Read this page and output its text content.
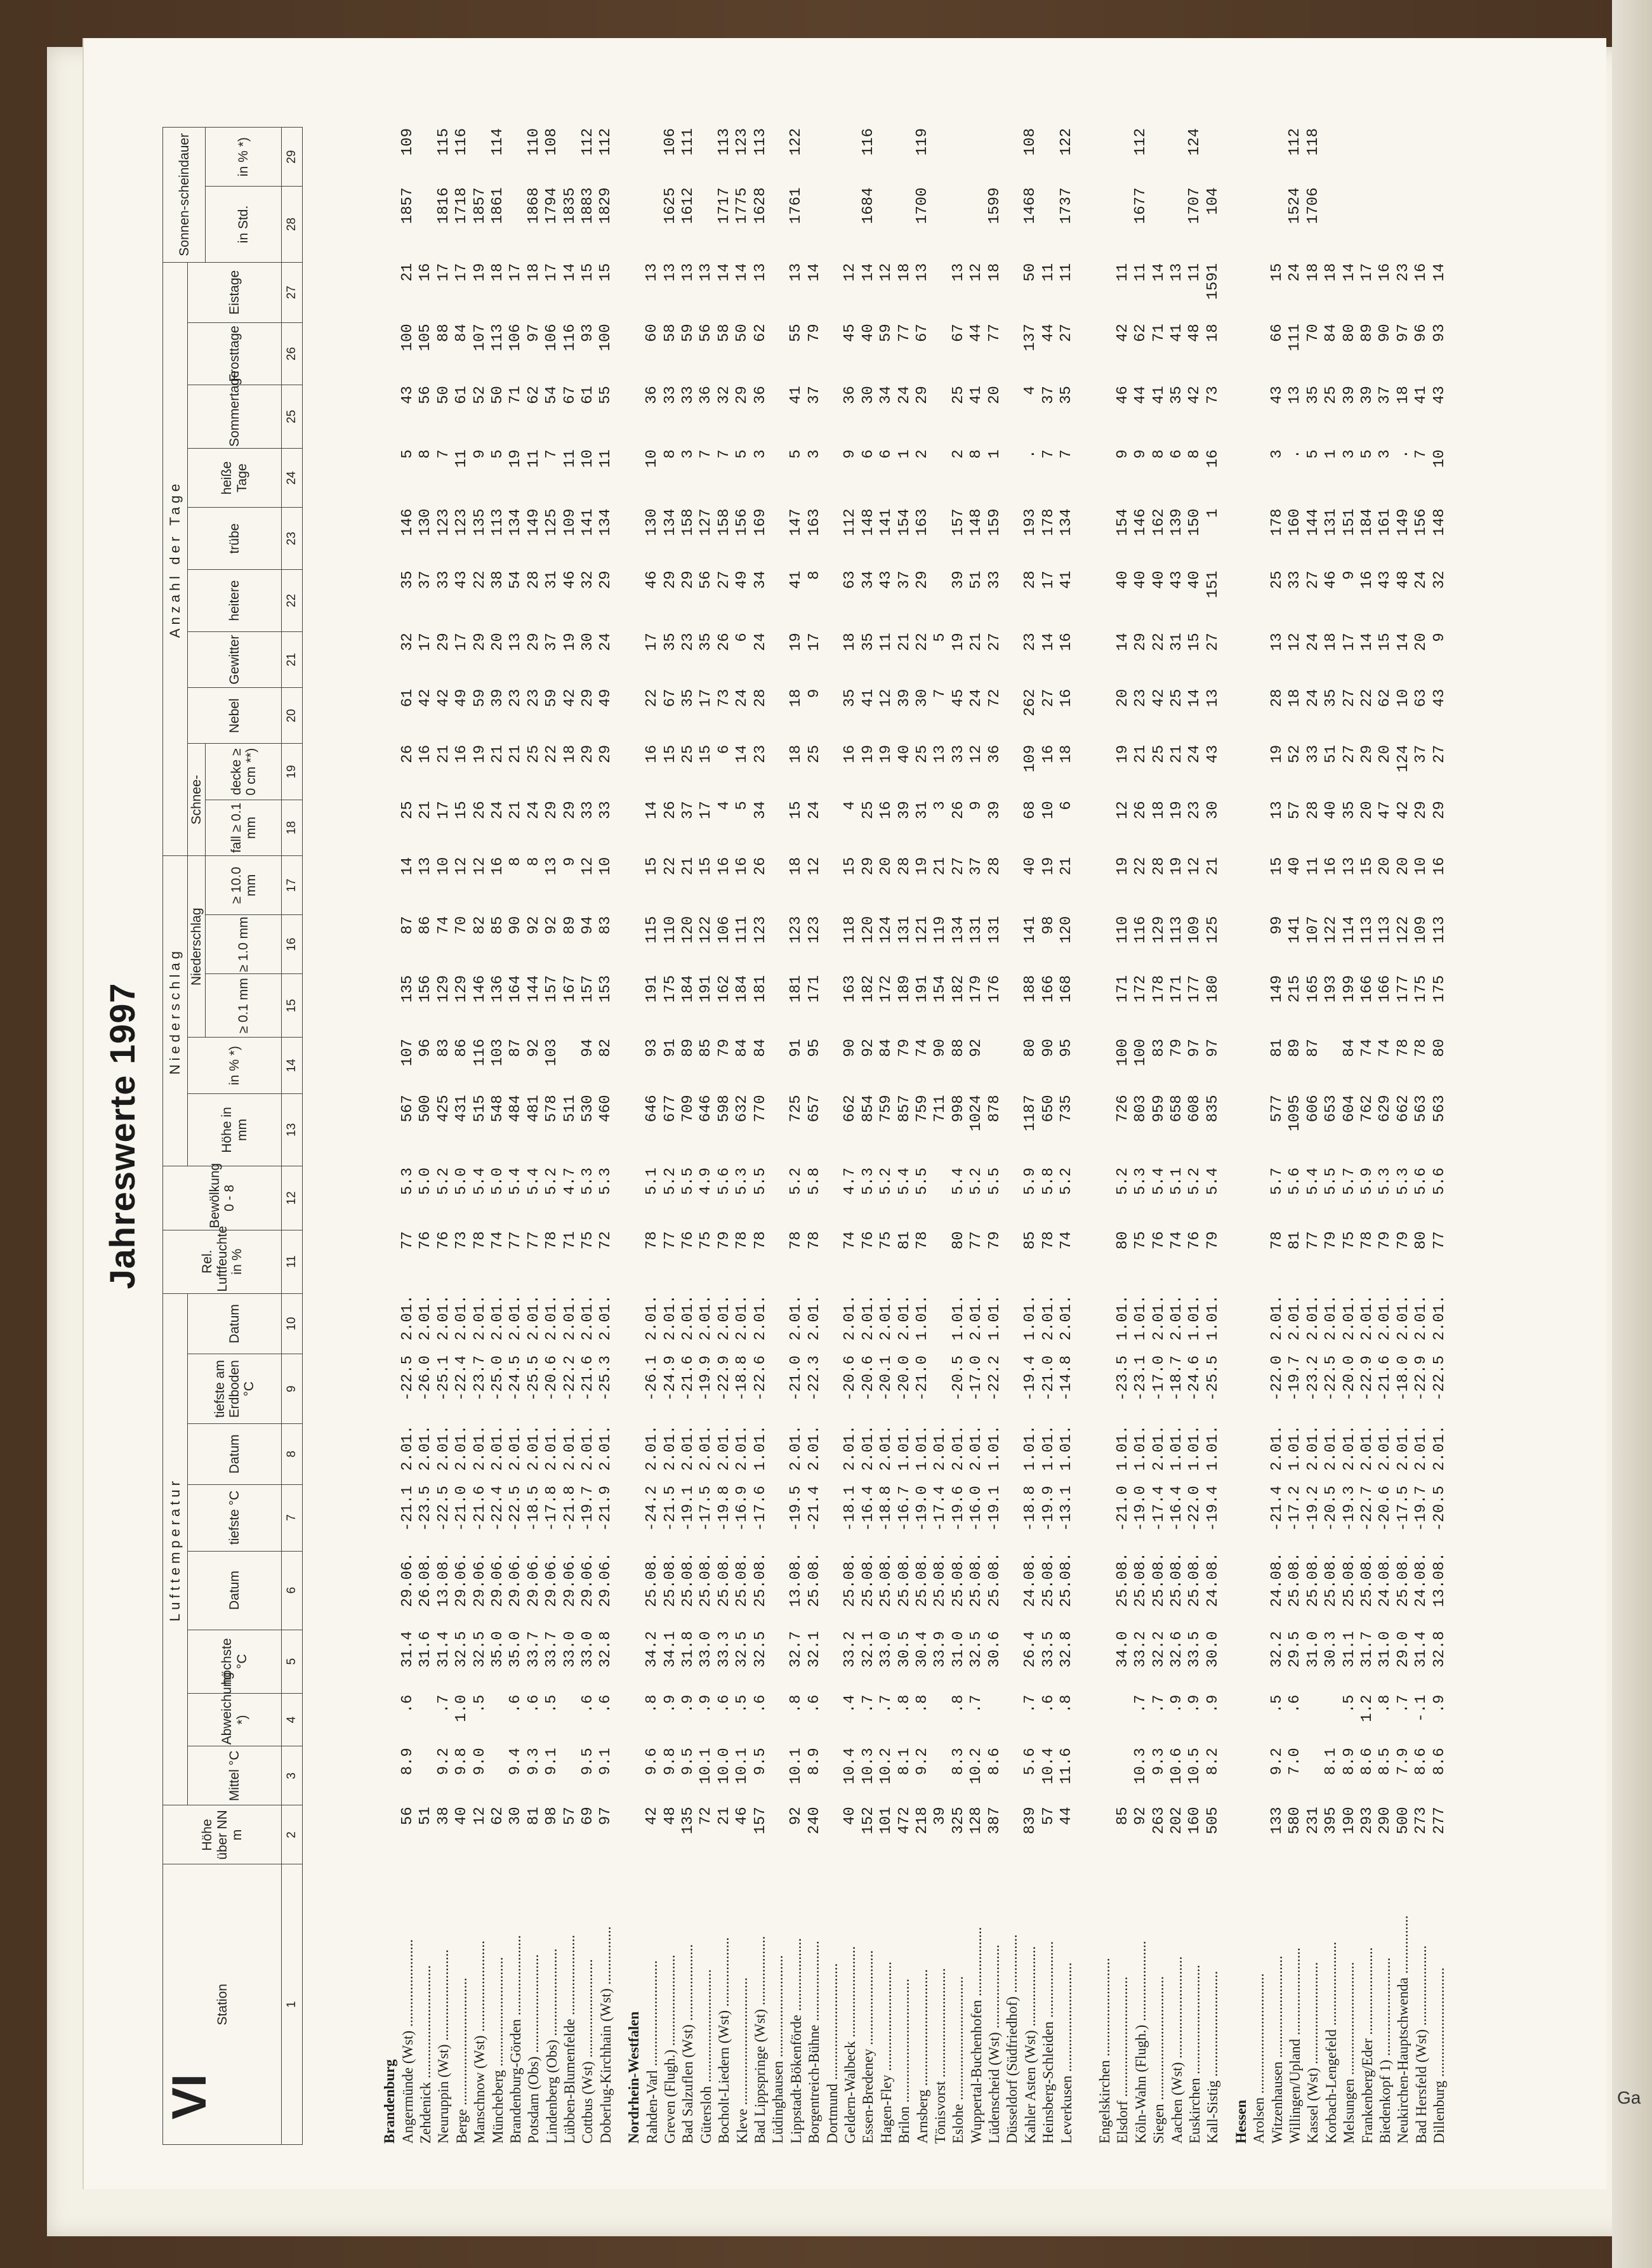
Ga
VI
Jahreswerte 1997
Station	Höhe über NN m	Lufttemperatur								Rel. Luftfeuchte in %	Bewölkung 0 - 8	Niederschlag					Anzahl der Tage										Sonnen-scheindauer	
		Mittel °C	Abweichung *)	höchste °C	Datum	tiefste °C	Datum	tiefste am Erdboden °C	Datum			Höhe in mm	in % *)	Niederschlag			Schnee-		Nebel	Gewitter	heitere	trübe	heiße Tage	Sommertage	Frosttage	Eistage		
														≥ 0.1 mm	≥ 1.0 mm	≥ 10.0 mm	fall ≥ 0.1 mm	decke ≥ 0 cm **)									in Std.	in % *)
1	2	3	4	5	6	7	8	9	10	11	12	13	14	15	16	17	18	19	20	21	22	23	24	25	26	27	28	29
Brandenburg																												
Angermünde (Wst) ........................	56	8.9	.6	31.4	29.06.	-21.1	2.01.	-22.5	2.01.	77	5.3	567	107	135	87	14	25	26	61	32	35	146	5	43	100	21	1857	109
Zehdenick ...............................	51			31.6	26.08.	-23.5	2.01.	-26.0	2.01.	76	5.0	500	96	156	86	13	21	16	42	17	37	130	8	56	105	16		
Neuruppin (Wst) .........................	38	9.2	.7	31.4	13.08.	-22.5	2.01.	-25.1	2.01.	76	5.2	425	83	129	74	10	17	21	42	29	33	123	7	50	88	17	1816	115
Berge ...................................	40	9.8	1.0	32.5	29.06.	-21.0	2.01.	-22.4	2.01.	73	5.0	431	86	129	70	12	15	16	49	17	43	123	11	61	84	17	1718	116
Manschnow (Wst) .........................	12	9.0	.5	32.5	29.06.	-21.6	2.01.	-23.7	2.01.	78	5.4	515	116	146	82	12	26	19	59	29	22	135	9	52	107	19	1857	
Müncheberg ..............................	62			35.0	29.06.	-22.4	2.01.	-25.0	2.01.	74	5.0	548	103	136	85	16	24	21	39	20	38	113	5	50	113	18	1861	114
Brandenburg-Görden ......................	30	9.4	.6	35.0	29.06.	-22.5	2.01.	-24.5	2.01.	77	5.4	484	87	164	90	8	21	21	23	13	54	134	19	71	106	17		
Potsdam (Obs) ...........................	81	9.3	.6	33.7	29.06.	-18.5	2.01.	-25.5	2.01.	77	5.4	481	92	144	92	8	24	25	23	29	28	149	11	62	97	18	1868	110
Lindenberg (Obs) ........................	98	9.1	.5	33.7	29.06.	-17.8	2.01.	-20.6	2.01.	78	5.2	578	103	157	92	13	29	22	59	37	31	125	7	54	106	17	1794	108
Lübben-Blumenfelde ......................	57			33.0	29.06.	-21.8	2.01.	-22.2	2.01.	71	4.7	511		167	89	9	29	18	42	19	46	109	11	67	116	14	1835	
Cottbus (Wst) ...........................	69	9.5	.6	33.0	29.06.	-19.7	2.01.	-21.6	2.01.	75	5.3	530	94	157	94	12	33	29	29	30	32	141	10	61	93	15	1883	112
Doberlug-Kirchhain (Wst) ................	97	9.1	.6	32.8	29.06.	-21.9	2.01.	-25.3	2.01.	72	5.3	460	82	153	83	10	33	29	49	24	29	134	11	55	100	15	1829	112

Nordrhein-Westfalen																												
Rahden-Varl .............................	42	9.6	.8	34.2	25.08.	-24.2	2.01.	-26.1	2.01.	78	5.1	646	93	191	115	15	14	16	22	17	46	130	10	36	60	13		
Greven (Flugh.) .........................	48	9.8	.9	34.1	25.08.	-21.5	2.01.	-24.9	2.01.	77	5.2	677	91	175	110	22	26	15	67	35	29	134	8	33	58	13	1625	106
Bad Salzuflen (Wst) .....................	135	9.5	.9	31.8	25.08.	-19.1	2.01.	-21.6	2.01.	76	5.5	709	89	184	120	21	37	25	35	23	29	158	3	33	59	13	1612	111
Gütersloh ...............................	72	10.1	.9	33.0	25.08.	-17.5	2.01.	-19.9	2.01.	75	4.9	646	85	191	122	15	17	15	17	35	56	127	7	36	56	13		
Bocholt-Liedern (Wst) ...................	21	10.0	.6	33.3	25.08.	-19.8	2.01.	-22.9	2.01.	79	5.6	598	79	162	106	16	4	6	73	26	27	158	7	32	58	14	1717	113
Kleve ...................................	46	10.1	.5	32.5	25.08.	-16.9	2.01.	-18.8	2.01.	78	5.3	632	84	184	111	16	5	14	24	6	49	156	5	29	50	14	1775	123
Bad Lippspringe (Wst) ...................	157	9.5	.6	32.5	25.08.	-17.6	1.01.	-22.6	2.01.	78	5.5	770	84	181	123	26	34	23	28	24	34	169	3	36	62	13	1628	113
Lüdinghausen ............................																												
Lippstadt-Bökenförde ....................	92	10.1	.8	32.7	13.08.	-19.5	2.01.	-21.0	2.01.	78	5.2	725	91	181	123	18	15	18	18	19	41	147	5	41	55	13	1761	122
Borgentreich-Bühne ......................	240	8.9	.6	32.1	25.08.	-21.4	2.01.	-22.3	2.01.	78	5.8	657	95	171	123	12	24	25	9	17	8	163	3	37	79	14		
Dortmund ................................																												
Geldern-Walbeck .........................	40	10.4	.4	33.2	25.08.	-18.1	2.01.	-20.6	2.01.	74	4.7	662	90	163	118	15	4	16	35	18	63	112	9	36	45	12		
Essen-Bredeney ..........................	152	10.3	.7	32.1	25.08.	-16.4	2.01.	-20.6	2.01.	76	5.3	854	92	182	120	29	25	19	41	35	34	148	6	30	40	14	1684	116
Hagen-Fley ..............................	101	10.2	.7	33.0	25.08.	-18.8	2.01.	-20.1	2.01.	75	5.2	759	84	172	124	20	16	19	12	11	43	141	6	34	59	12		
Brilon ..................................	472	8.1	.8	30.5	25.08.	-16.7	1.01.	-20.0	2.01.	81	5.4	857	79	189	131	28	39	40	39	21	37	154	1	24	77	18		
Arnsberg ................................	218	9.2	.8	30.4	25.08.	-19.0	1.01.	-21.0	1.01.	78	5.5	759	74	191	121	19	31	25	30	22	29	163	2	29	67	13	1700	119
Tönisvorst ..............................	39			33.9	25.08.	-17.4	2.01.					711	90	154	119	21	3	13	7	5								
Eslohe ..................................	325	8.3	.8	31.0	25.08.	-19.6	2.01.	-20.5	1.01.	80	5.4	998	88	182	134	27	26	33	45	19	39	157	2	25	67	13		
Wuppertal-Buchenhofen ...................	128	10.2	.7	32.5	25.08.	-16.0	2.01.	-17.0	2.01.	77	5.2	1024	92	179	131	37	9	12	24	21	51	148	8	41	44	12		
Lüdenscheid (Wst) .......................	387	8.6		30.6	25.08.	-19.1	1.01.	-22.2	1.01.	79	5.5	878		176	131	28	39	36	72	27	33	159	1	20	77	18	1599	
Düsseldorf (Südfriedhof) ................																												
Kahler Asten (Wst) ......................	839	5.6	.7	26.4	24.08.	-18.8	1.01.	-19.4	1.01.	85	5.9	1187	80	188	141	40	68	109	262	23	28	193	.	4	137	50	1468	108
Heinsberg-Schleiden .....................	57	10.4	.6	33.5	25.08.	-19.9	1.01.	-21.0	2.01.	78	5.8	650	90	166	98	19	10	16	27	14	17	178	7	37	44	11		
Leverkusen ..............................	44	11.6	.8	32.8	25.08.	-13.1	1.01.	-14.8	2.01.	74	5.2	735	95	168	120	21	6	18	16	16	41	134	7	35	27	11	1737	122

Engelskirchen ...........................																												
Elsdorf .................................	85			34.0	25.08.	-21.0	1.01.	-23.5	1.01.	80	5.2	726	100	171	110	19	12	19	20	14	40	154	9	46	42	11		
Köln-Wahn (Flugh.) ......................	92	10.3	.7	33.2	25.08.	-19.0	1.01.	-23.1	1.01.	75	5.3	803	100	172	116	22	26	21	23	29	40	146	9	44	62	11	1677	112
Siegen ..................................	263	9.3	.7	32.2	25.08.	-17.4	2.01.	-17.0	2.01.	76	5.4	959	83	178	129	28	18	25	42	22	40	162	8	41	71	14		
Aachen (Wst) ............................	202	10.6	.9	32.6	25.08.	-16.4	1.01.	-18.7	2.01.	74	5.1	658	79	171	113	19	19	21	25	31	43	139	6	35	41	13		
Euskirchen ..............................	160	10.5	.9	33.5	25.08.	-22.0	1.01.	-24.6	1.01.	76	5.2	608	97	177	109	12	23	24	14	15	40	150	8	42	48	11	1707	124
Kall-Sistig .............................	505	8.2	.9	30.0	24.08.	-19.4	1.01.	-25.5	1.01.	79	5.4	835	97	180	125	21	30	43	13	27	151	1	16	73	18	1591	104	

Hessen																												
Arolsen .................................																												
Witzenhausen ............................	133	9.2	.5	32.2	24.08.	-21.4	2.01.	-22.0	2.01.	78	5.7	577	81	149	99	15	13	19	28	13	25	178	3	43	66	15		
Willingen/Upland ........................	580	7.0	.6	29.5	25.08.	-17.2	1.01.	-19.7	2.01.	81	5.6	1095	89	215	141	40	57	52	18	12	33	160	.	13	111	24	1524	112
Kassel (Wst) ............................	231			31.0	25.08.	-19.2	2.01.	-23.2	2.01.	77	5.4	606	87	165	107	11	28	33	24	24	27	144	5	35	70	18	1706	118
Korbach-Lengefeld .......................	395	8.1		30.3	25.08.	-20.5	2.01.	-22.5	2.01.	79	5.5	653		193	122	16	40	51	35	18	46	131	1	25	84	18		
Melsungen ...............................	190	8.9	.5	31.1	25.08.	-19.3	2.01.	-20.0	2.01.	75	5.7	604	84	199	114	13	35	27	27	17	9	151	3	39	80	14		
Frankenberg/Eder ........................	293	8.6	1.2	31.7	25.08.	-22.7	2.01.	-22.9	2.01.	78	5.9	762	74	166	113	15	20	29	22	14	16	184	5	39	89	17		
Biedenkopf 1) ...........................	290	8.5	.8	31.0	24.08.	-20.6	2.01.	-21.6	2.01.	79	5.3	629	74	166	113	20	47	20	62	15	43	161	3	37	90	16		
Neukirchen-Hauptschwenda ................	500	7.9	.7	29.0	25.08.	-17.5	2.01.	-18.0	2.01.	79	5.3	662	78	177	122	20	42	124	10	14	48	149	.	18	97	23		
Bad Hersfeld (Wst) ......................	273	8.6	-.1	31.4	24.08.	-19.7	2.01.	-22.9	2.01.	80	5.6	563	78	175	109	10	29	37	63	20	24	156	7	41	96	16		
Dillenburg ..............................	277	8.6	.9	32.8	13.08.	-20.5	2.01.	-22.5	2.01.	77	5.6	563	80	175	113	16	29	27	43	9	32	148	10	43	93	14		
